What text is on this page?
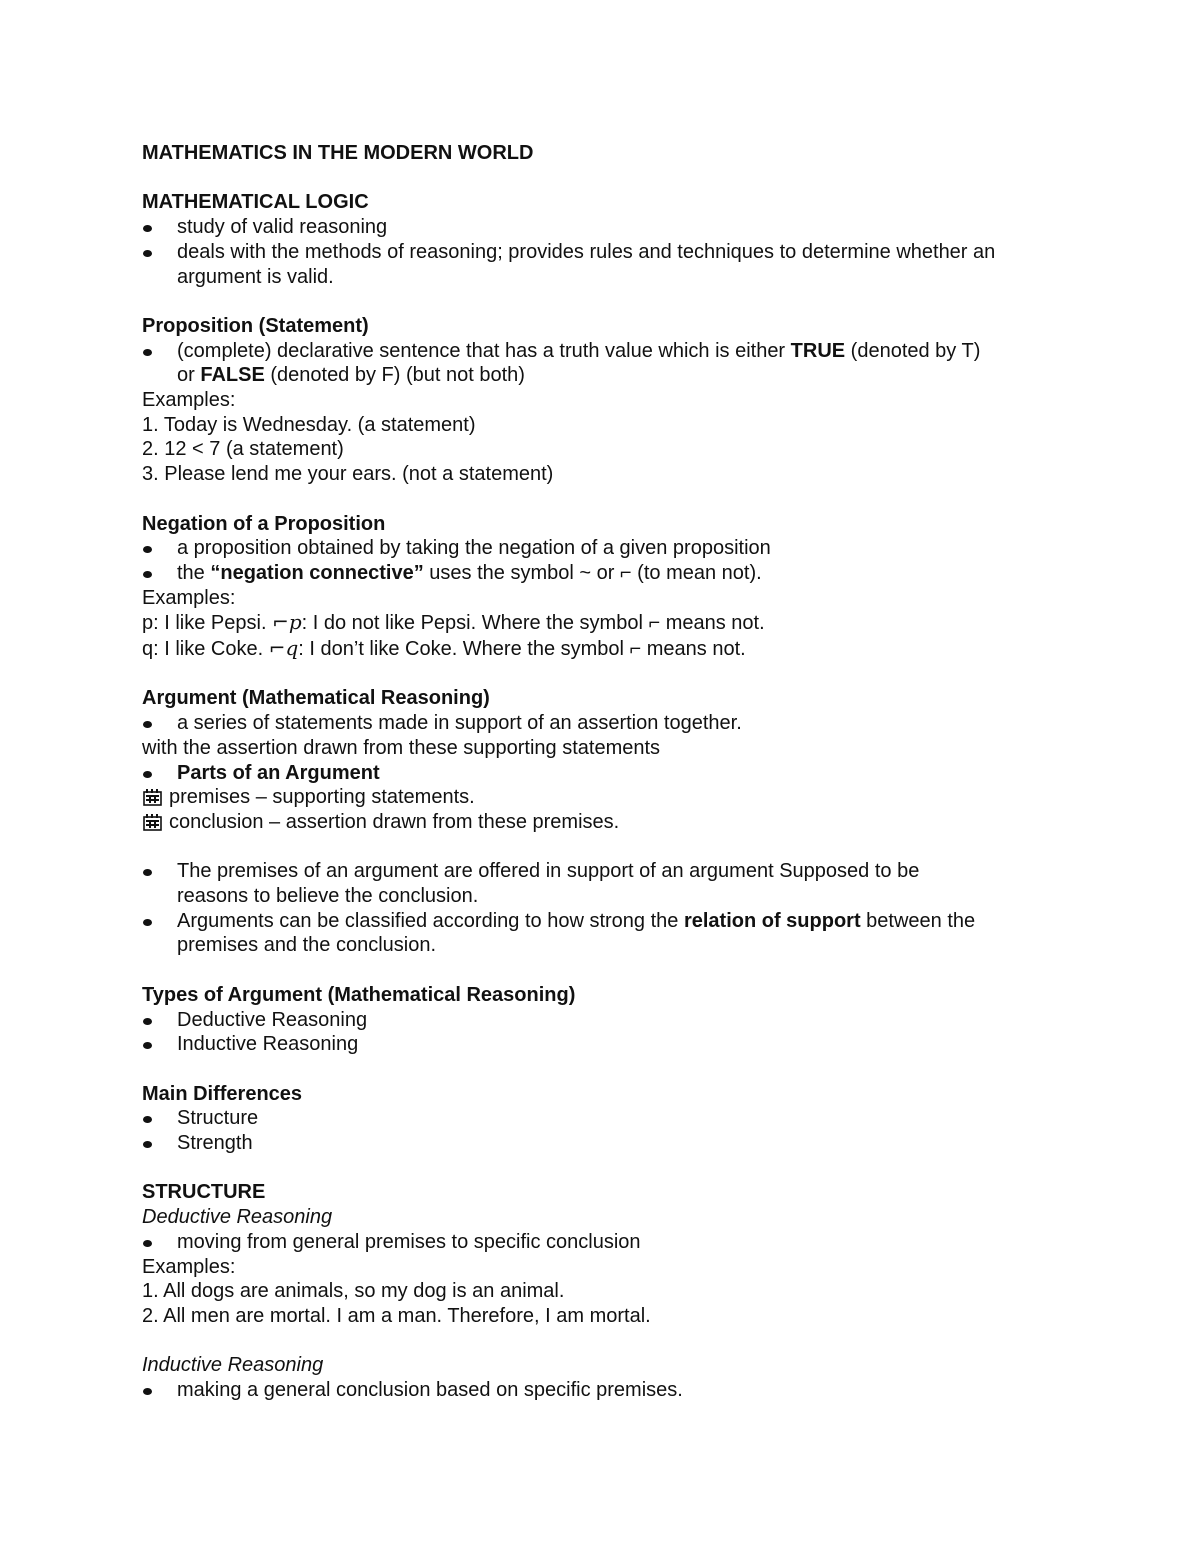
MATHEMATICS IN THE MODERN WORLD
MATHEMATICAL LOGIC
study of valid reasoning
deals with the methods of reasoning; provides rules and techniques to determine whether an
argument is valid.
Proposition (Statement)
(complete) declarative sentence that has a truth value which is either TRUE (denoted by T)
or FALSE (denoted by F) (but not both)
Examples:
1. Today is Wednesday. (a statement)
2. 12 < 7 (a statement)
3. Please lend me your ears. (not a statement)
Negation of a Proposition
a proposition obtained by taking the negation of a given proposition
the “negation connective” uses the symbol ~ or ⌐ (to mean not).
Examples:
p: I like Pepsi. ⌐p: I do not like Pepsi. Where the symbol ⌐ means not.
q: I like Coke. ⌐q: I don’t like Coke. Where the symbol ⌐ means not.
Argument (Mathematical Reasoning)
a series of statements made in support of an assertion together.
with the assertion drawn from these supporting statements
Parts of an Argument
premises – supporting statements.
conclusion – assertion drawn from these premises.
The premises of an argument are offered in support of an argument Supposed to be
reasons to believe the conclusion.
Arguments can be classified according to how strong the relation of support between the
premises and the conclusion.
Types of Argument (Mathematical Reasoning)
Deductive Reasoning
Inductive Reasoning
Main Differences
Structure
Strength
STRUCTURE
Deductive Reasoning
moving from general premises to specific conclusion
Examples:
1. All dogs are animals, so my dog is an animal.
2. All men are mortal. I am a man. Therefore, I am mortal.
Inductive Reasoning
making a general conclusion based on specific premises.
